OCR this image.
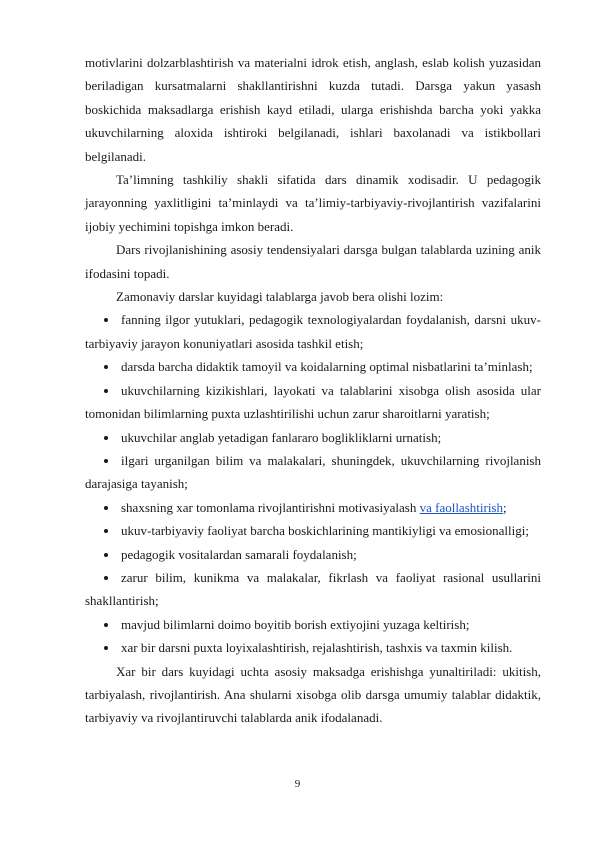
motivlarini dolzarblashtirish va materialni idrok etish, anglash, eslab kolish yuzasidan beriladigan kursatmalarni shakllantirishni kuzda tutadi. Darsga yakun yasash boskichida maksadlarga erishish kayd etiladi, ularga erishishda barcha yoki yakka ukuvchilarning aloxida ishtiroki belgilanadi, ishlari baxolanadi va istikbollari belgilanadi.

Ta’limning tashkiliy shakli sifatida dars dinamik xodisadir. U pedagogik jarayonning yaxlitligini ta’minlaydi va ta’limiy-tarbiyaviy-rivojlantirish vazifalarini ijobiy yechimini topishga imkon beradi.

Dars rivojlanishining asosiy tendensiyalari darsga bulgan talablarda uzining anik ifodasini topadi.

Zamonaviy darslar kuyidagi talablarga javob bera olishi lozim:

fanning ilgor yutuklari, pedagogik texnologiyalardan foydalanish, darsni ukuv-tarbiyaviy jarayon konuniyatlari asosida tashkil etish;
darsda barcha didaktik tamoyil va koidalarning optimal nisbatlarini ta’minlash;
ukuvchilarning kizikishlari, layokati va talablarini xisobga olish asosida ular tomonidan bilimlarning puxta uzlashtirilishi uchun zarur sharoitlarni yaratish;
ukuvchilar anglab yetadigan fanlararo boglikliklarni urnatish;
ilgari urganilgan bilim va malakalari, shuningdek, ukuvchilarning rivojlanish darajasiga tayanish;
shaxsning xar tomonlama rivojlantirishni motivasiyalash va faollashtirish;
ukuv-tarbiyaviy faoliyat barcha boskichlarining mantikiyligi va emosionalligi;
pedagogik vositalardan samarali foydalanish;
zarur bilim, kunikma va malakalar, fikrlash va faoliyat rasional usullarini shakllantirish;
mavjud bilimlarni doimo boyitib borish extiyojini yuzaga keltirish;
xar bir darsni puxta loyixalashtirish, rejalashtirish, tashxis va taxmin kilish.

Xar bir dars kuyidagi uchta asosiy maksadga erishishga yunaltiriladi: ukitish, tarbiyalash, rivojlantirish. Ana shularni xisobga olib darsga umumiy talablar didaktik, tarbiyaviy va rivojlantiruvchi talablarda anik ifodalanadi.

9
